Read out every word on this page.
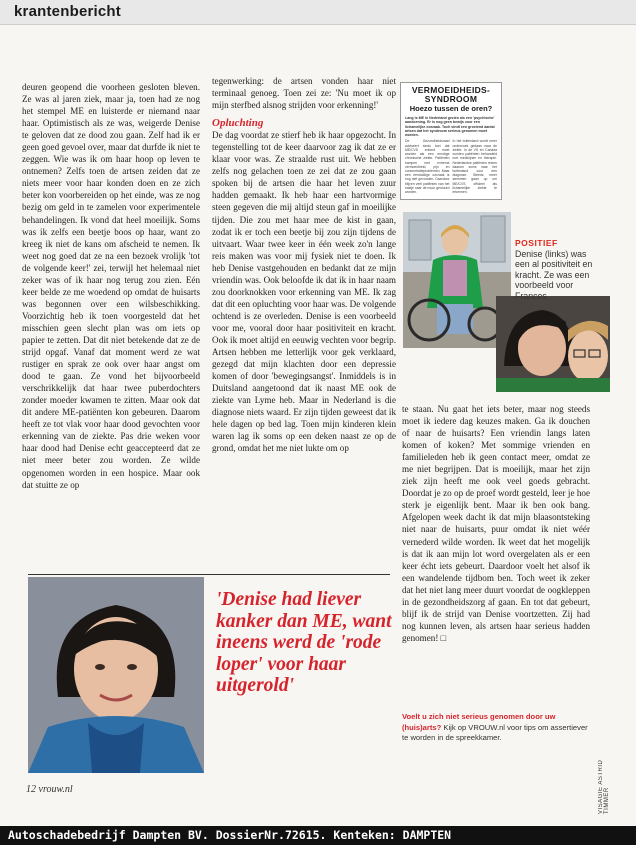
krantenbericht

deuren geopend die voorheen gesloten bleven. Ze was al jaren ziek, maar ja, toen had ze nog het stempel ME en luisterde er niemand naar haar. Optimistisch als ze was, weigerde Denise te geloven dat ze dood zou gaan. Zelf had ik er geen goed gevoel over, maar dat durfde ik niet te zeggen. Wie was ik om haar hoop op leven te ontnemen? Zelfs toen de artsen zeiden dat ze niets meer voor haar konden doen en ze zich beter kon voorbereiden op het einde, was ze nog bezig om geld in te zamelen voor experimentele behandelingen. Ik vond dat heel moeilijk. Soms was ik zelfs een beetje boos op haar, want zo kreeg ik niet de kans om afscheid te nemen. Ik weet nog goed dat ze na een bezoek vrolijk 'tot de volgende keer!' zei, terwijl het helemaal niet zeker was of ik haar nog terug zou zien. Eén keer belde ze me woedend op omdat de huisarts was begonnen over een wilsbeschikking. Voorzichtig heb ik toen voorgesteld dat het misschien geen slecht plan was om iets op papier te zetten. Dat dit niet betekende dat ze de strijd opgaf. Vanaf dat moment werd ze wat rustiger en sprak ze ook over haar angst om dood te gaan. Ze vond het bijvoorbeeld verschrikkelijk dat haar twee puberdochters zonder moeder kwamen te zitten. Maar ook dat dit andere ME-patiënten kon gebeuren. Daarom heeft ze tot vlak voor haar dood gevochten voor erkenning van de ziekte. Pas drie weken voor haar dood had Denise echt geaccepteerd dat ze niet meer beter zou worden. Ze wilde opgenomen worden in een hospice. Maar ook dat stuitte ze op

tegenwerking: de artsen vonden haar niet terminaal genoeg. Toen zei ze: 'Nu moet ik op mijn sterfbed alsnog strijden voor erkenning!'

Opluchting

De dag voordat ze stierf heb ik haar opgezocht. In tegenstelling tot de keer daarvoor zag ik dat ze er klaar voor was. Ze straalde rust uit. We hebben zelfs nog gelachen toen ze zei dat ze zou gaan spoken bij de artsen die haar het leven zuur hadden gemaakt. Ik heb haar een hartvormige steen gegeven die mij altijd steun gaf in moeilijke tijden. Die zou met haar mee de kist in gaan, zodat ik er toch een beetje bij zou zijn tijdens de uitvaart. Waar twee keer in één week zo'n lange reis maken was voor mij fysiek niet te doen. Ik heb Denise vastgehouden en bedankt dat ze mijn vriendin was. Ook beloofde ik dat ik in haar naam zou doorknokken voor erkenning van ME. Ik zag dat dit een opluchting voor haar was. De volgende ochtend is ze overleden. Denise is een voorbeeld voor me, vooral door haar positiviteit en kracht. Ook ik moet altijd en eeuwig vechten voor begrip. Artsen hebben me letterlijk voor gek verklaard, gezegd dat mijn klachten door een depressie komen of door 'bewegingsangst'. Inmiddels is in Duitsland aangetoond dat ik naast ME ook de ziekte van Lyme heb. Maar in Nederland is die diagnose niets waard. Er zijn tijden geweest dat ik hele dagen op bed lag. Toen mijn kinderen klein waren lag ik soms op een deken naast ze op de grond, omdat het me niet lukte om op

VERMOEIDHEIDS-SYNDROOM
Hoezo tussen de oren?
Lang is ME in Nederland gezien als een 'psychische' aandoening. Er is nog geen bewijs voor een lichamelijke oorzaak. Toch vindt een groeiend aantal artsen dat het syndroom serieus genomen moet worden.
De Gezondheidsraad adviseert sinds kort dat ME/CVS erkend moet worden als een ernstige chronische ziekte. Patiënten kampen met extreme vermoeidheid, pijn en concentratieproblemen. Maar een eenduidige oorzaak is nog niet gevonden. Daardoor blijven veel patiënten van het kastje naar de muur gestuurd worden.
In het buitenland wordt meer onderzoek gedaan naar de ziekte. In de VS en Canada worden patiënten behandeld met medicijnen en therapie. Nederlandse patiënten reizen daarom soms naar het buitenland voor een diagnose. Steeds meer stemmen gaan op om ME/CVS officieel als lichamelijke ziekte te erkennen.
POSITIEF
Denise (links) was een al positiviteit en kracht. Ze was een voorbeeld voor Frances.

te staan. Nu gaat het iets beter, maar nog steeds moet ik iedere dag keuzes maken. Ga ik douchen of naar de huisarts? Een vriendin langs laten komen of koken? Met sommige vrienden en familieleden heb ik geen contact meer, omdat ze me niet begrijpen. Dat is moeilijk, maar het zijn ziek zijn heeft me ook veel goeds gebracht. Doordat je zo op de proef wordt gesteld, leer je hoe sterk je eigenlijk bent. Maar ik ben ook bang. Afgelopen week dacht ik dat mijn blaasontsteking niet naar de huisarts, puur omdat ik niet wéér vernederd wilde worden. Ik weet dat het mogelijk is dat ik aan mijn lot word overgelaten als er een keer écht iets gebeurt. Daardoor voelt het alsof ik een wandelende tijdbom ben. Toch weet ik zeker dat het niet lang meer duurt voordat de oogkleppen in de gezondheidszorg af gaan. En tot dat gebeurt, blijf ik de strijd van Denise voortzetten. Zij had nog kunnen leven, als artsen haar serieus hadden genomen! □

'Denise had liever kanker dan ME, want ineens werd de 'rode loper' voor haar uitgerold'
Voelt u zich niet serieus genomen door uw (huis)arts? Kijk op VROUW.nl voor tips om assertiever te worden in de spreekkamer.
VISAGIE ASTRID TIMMER
12 vrouw.nl
Autoschadebedrijf Dampten BV. DossierNr.72615. Kenteken: DAMPTEN
